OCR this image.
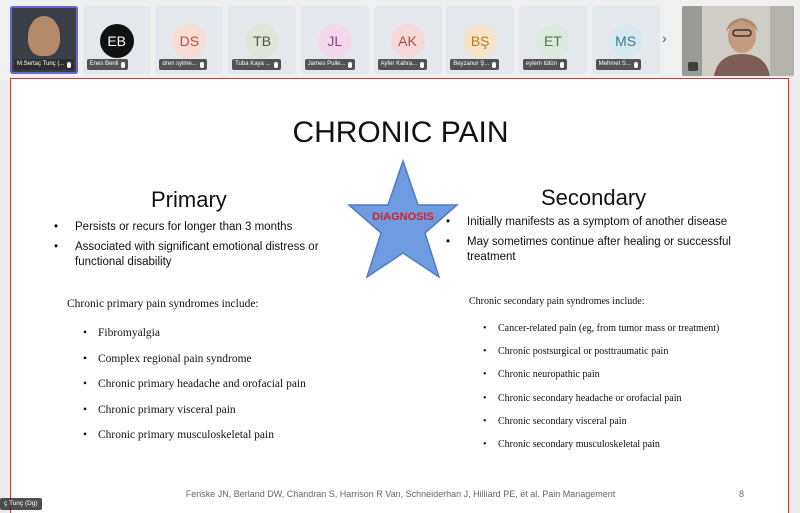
M.Sertaç Tunç (...
EB
Enes Benli
DS
dren sylme...
TB
Tuba Kaya ...
JL
James Pulle...
AK
Ayfer Kahra...
BŞ
Beyzanur Ş...
ET
eylem tütün
MS
Mehmet S...
›
CHRONIC PAIN
Primary	Secondary
• Persists or recurs for longer than 3 months
• Associated with significant emotional distress or functional disability
• Initially manifests as a symptom of another disease
• May sometimes continue after healing or successful treatment
DIAGNOSIS
Chronic primary pain syndromes include:
• Fibromyalgia
• Complex regional pain syndrome
• Chronic primary headache and orofacial pain
• Chronic primary visceral pain
• Chronic primary musculoskeletal pain
Chronic secondary pain syndromes include:
• Cancer-related pain (eg, from tumor mass or treatment)
• Chronic postsurgical or posttraumatic pain
• Chronic neuropathic pain
• Chronic secondary headache or orofacial pain
• Chronic secondary visceral pain
• Chronic secondary musculoskeletal pain
Fenske JN, Berland DW, Chandran S, Harrison R Van, Schneiderhan J, Hilliard PE, et al. Pain Management	8
ç Tunç (Dg)
